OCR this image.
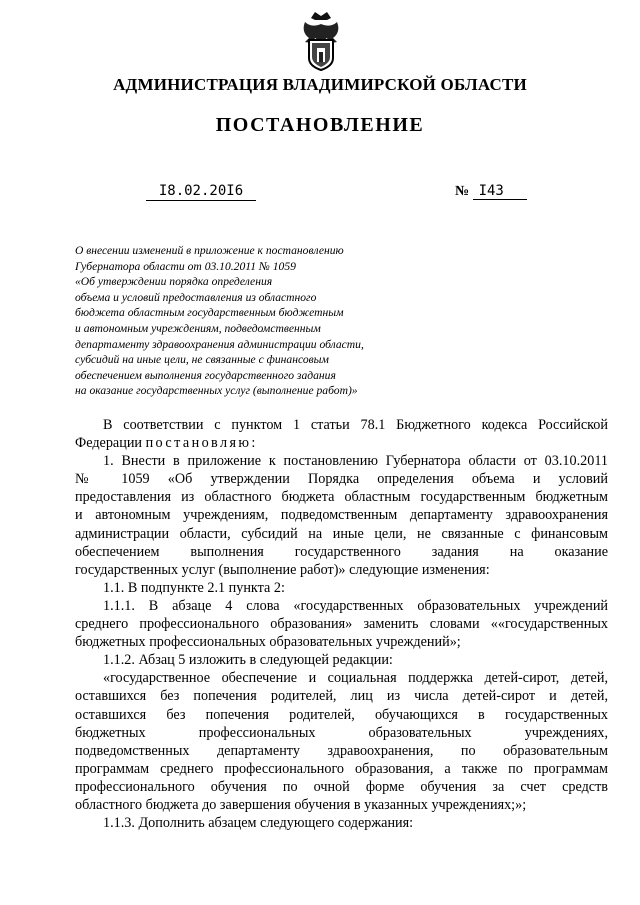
АДМИНИСТРАЦИЯ ВЛАДИМИРСКОЙ ОБЛАСТИ
ПОСТАНОВЛЕНИЕ
I8.02.20I6	№ I43
О внесении изменений в приложение к постановлению
Губернатора области от 03.10.2011 № 1059
«Об утверждении порядка определения
объема и условий предоставления из областного
бюджета областным государственным бюджетным
и автономным учреждениям, подведомственным
департаменту здравоохранения администрации области,
субсидий на иные цели, не связанные с финансовым
обеспечением выполнения государственного задания
на оказание государственных услуг (выполнение работ)»
В соответствии с пунктом 1 статьи 78.1 Бюджетного кодекса Российской
Федерации постановляю:
1. Внести в приложение к постановлению Губернатора области от 03.10.2011
№ 1059 «Об утверждении Порядка определения объема и условий
предоставления из областного бюджета областным государственным бюджетным
и автономным учреждениям, подведомственным департаменту здравоохранения
администрации области, субсидий на иные цели, не связанные с финансовым
обеспечением выполнения государственного задания на оказание
государственных услуг (выполнение работ)» следующие изменения:
1.1. В подпункте 2.1 пункта 2:
1.1.1. В абзаце 4 слова «государственных образовательных учреждений
среднего профессионального образования» заменить словами ««государственных
бюджетных профессиональных образовательных учреждений»;
1.1.2. Абзац 5 изложить в следующей редакции:
«государственное обеспечение и социальная поддержка детей-сирот, детей,
оставшихся без попечения родителей, лиц из числа детей-сирот и детей,
оставшихся без попечения родителей, обучающихся в государственных
бюджетных профессиональных образовательных учреждениях,
подведомственных департаменту здравоохранения, по образовательным
программам среднего профессионального образования, а также по программам
профессионального обучения по очной форме обучения за счет средств
областного бюджета до завершения обучения в указанных учреждениях;»;
1.1.3. Дополнить абзацем следующего содержания:
